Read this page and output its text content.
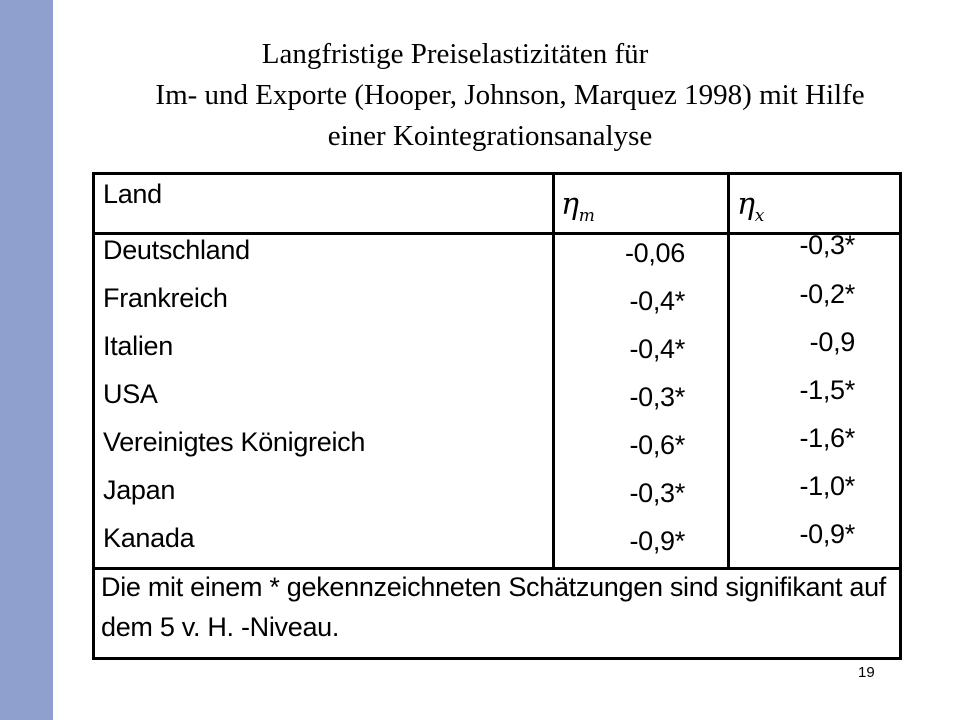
Langfristige Preiselastizitäten für
Im- und Exporte (Hooper, Johnson, Marquez 1998) mit Hilfe
einer Kointegrationsanalyse
Land	$\eta_m$	$\eta_x$
Deutschland	-0,06	-0,3*
Frankreich	-0,4*	-0,2*
Italien	-0,4*	-0,9
USA	-0,3*	-1,5*
Vereinigtes Königreich	-0,6*	-1,6*
Japan	-0,3*	-1,0*
Kanada	-0,9*	-0,9*
Die mit einem * gekennzeichneten Schätzungen sind signifikant auf dem 5 v. H. -Niveau.
19
